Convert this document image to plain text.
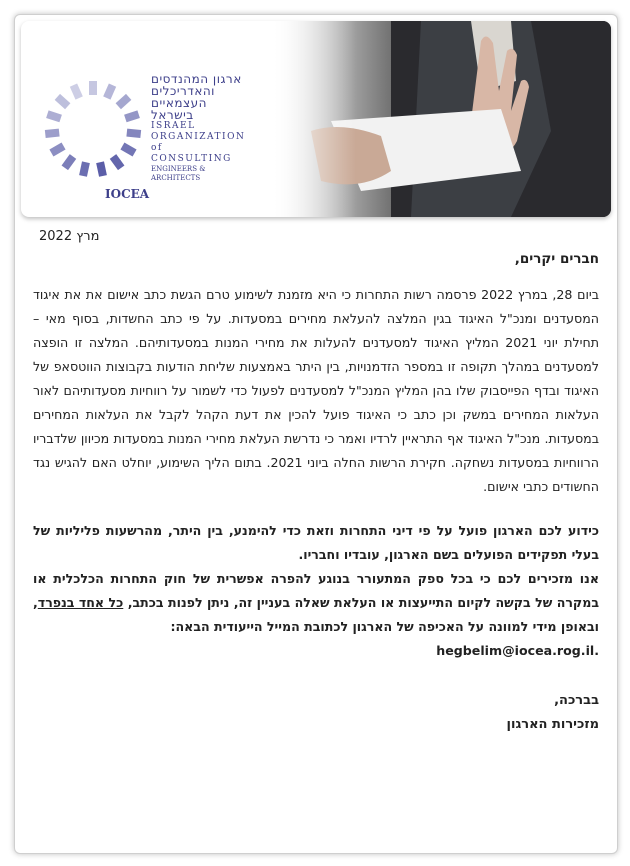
ארגון המהנדסים
והאדריכלים
העצמאיים
בישראל
ISRAEL
ORGANIZATION
of CONSULTING
ENGINEERS & ARCHITECTS
IOCEA
מרץ 2022
חברים יקרים,

ביום 28, במרץ 2022 פרסמה רשות התחרות כי היא מזמנת לשימוע טרם הגשת כתב אישום את את איגוד המסעדנים ומנכ"ל האיגוד בגין המלצה להעלאת מחירים במסעדות. על פי כתב החשדות, בסוף מאי – תחילת יוני 2021 המליץ האיגוד למסעדנים להעלות את מחירי המנות במסעדותיהם. המלצה זו הופצה למסעדנים במהלך תקופה זו במספר הזדמנויות, בין היתר באמצעות שליחת הודעות בקבוצות הווטסאפ של האיגוד ובדף הפייסבוק שלו בהן המליץ המנכ"ל למסעדנים לפעול כדי לשמור על רווחיות מסעדותיהם לאור העלאות המחירים במשק וכן כתב כי האיגוד פועל להכין את דעת הקהל לקבל את העלאות המחירים במסעדות. מנכ"ל האיגוד אף התראיין לרדיו ואמר כי נדרשת העלאת מחירי המנות במסעדות מכיוון שלדבריו הרווחיות במסעדות נשחקה. חקירת הרשות החלה ביוני 2021. בתום הליך השימוע, יוחלט האם להגיש נגד החשודים כתבי אישום.

כידוע לכם הארגון פועל על פי דיני התחרות וזאת כדי להימנע, בין היתר, מהרשעות פליליות של בעלי תפקידים הפועלים בשם הארגון, עובדיו וחבריו.
אנו מזכירים לכם כי בכל ספק המתעורר בנוגע להפרה אפשרית של חוק התחרות הכלכלית או במקרה של בקשה לקיום התייעצות או העלאת שאלה בעניין זה, ניתן לפנות בכתב, כל אחד בנפרד, ובאופן מידי למוונה על האכיפה של הארגון לכתובת המייל הייעודית הבאה:
hegbelim@iocea.rog.il.

בברכה,
מזכירות הארגון
